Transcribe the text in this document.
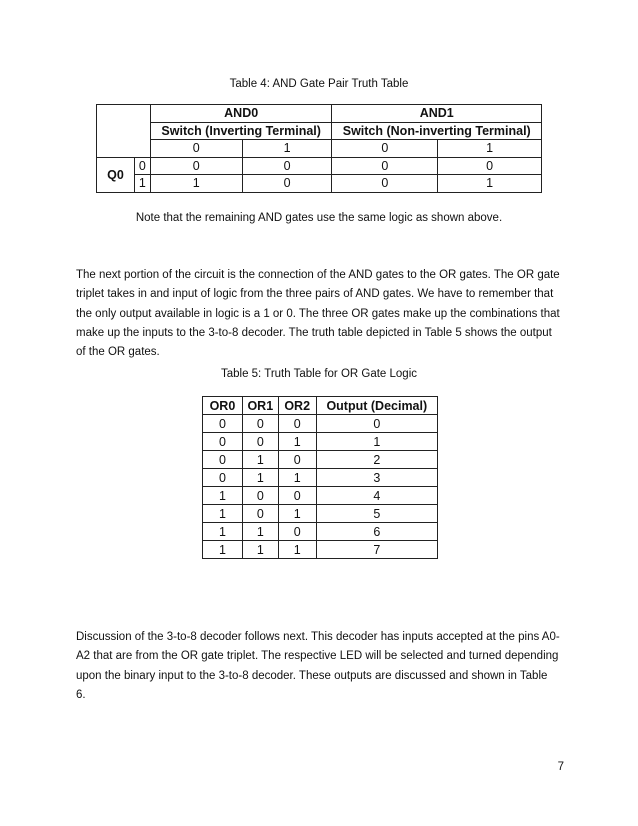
Table 4: AND Gate Pair Truth Table
		AND0		AND1	
		Switch (Inverting Terminal)		Switch (Non-inverting Terminal)	
		0	1	0	1
Q0	0	0	0	0	0
	1	1	0	0	1
Note that the remaining AND gates use the same logic as shown above.
The next portion of the circuit is the connection of the AND gates to the OR gates. The OR gate
triplet takes in and input of logic from the three pairs of AND gates. We have to remember that
the only output available in logic is a 1 or 0. The three OR gates make up the combinations that
make up the inputs to the 3-to-8 decoder. The truth table depicted in Table 5 shows the output
of the OR gates.
Table 5: Truth Table for OR Gate Logic
OR0	OR1	OR2	Output (Decimal)
0	0	0	0
0	0	1	1
0	1	0	2
0	1	1	3
1	0	0	4
1	0	1	5
1	1	0	6
1	1	1	7
Discussion of the 3-to-8 decoder follows next. This decoder has inputs accepted at the pins A0-
A2 that are from the OR gate triplet. The respective LED will be selected and turned depending
upon the binary input to the 3-to-8 decoder. These outputs are discussed and shown in Table
6.
7
